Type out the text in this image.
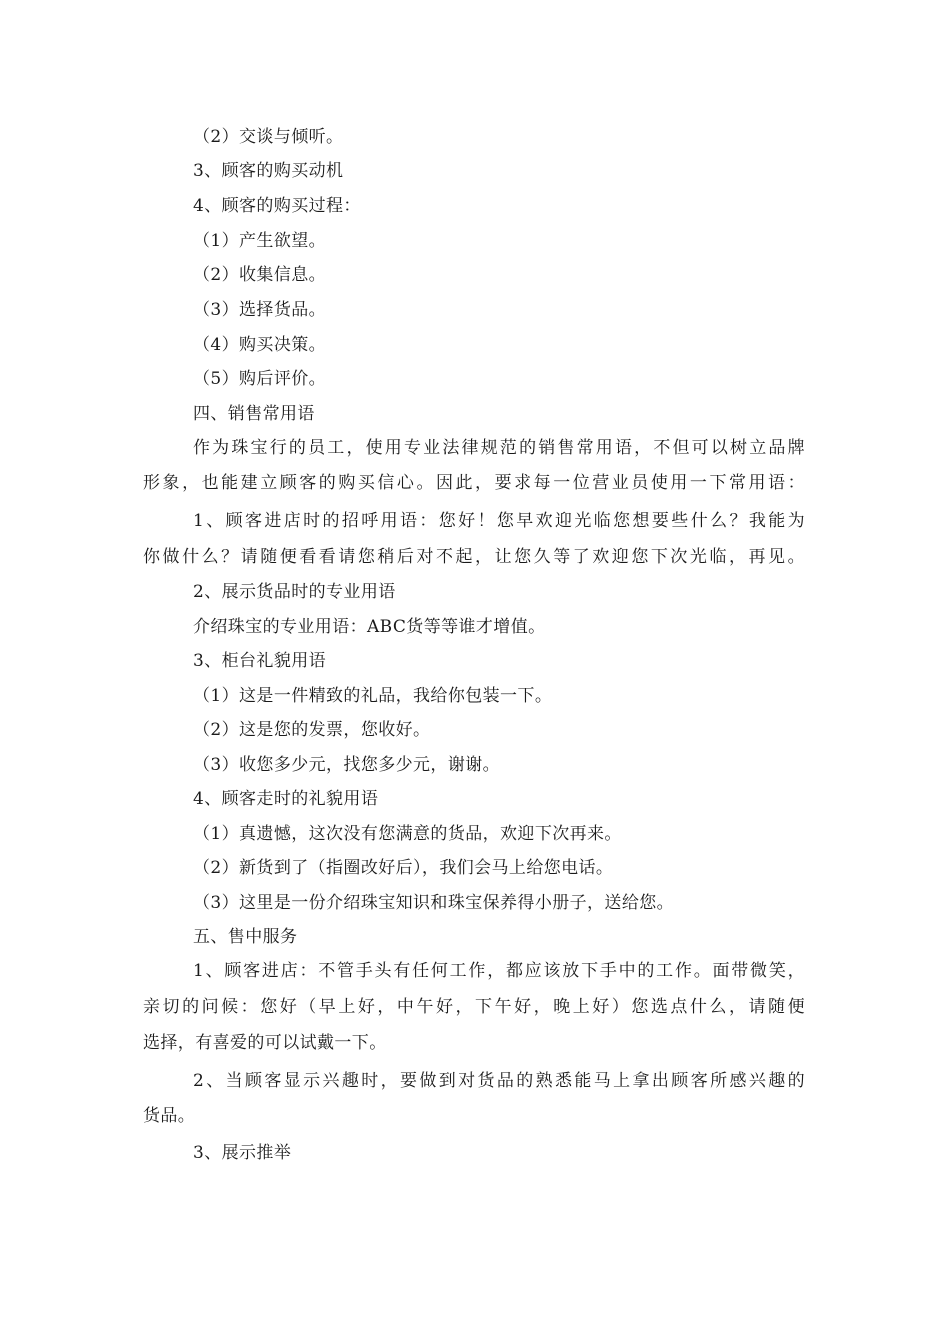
（2）交谈与倾听。
3、顾客的购买动机
4、顾客的购买过程：
（1）产生欲望。
（2）收集信息。
（3）选择货品。
（4）购买决策。
（5）购后评价。
四、销售常用语
作为珠宝行的员工，使用专业法律规范的销售常用语，不但可以树立品牌
形象，也能建立顾客的购买信心。因此，要求每一位营业员使用一下常用语：
1、顾客进店时的招呼用语：您好！您早欢迎光临您想要些什么？我能为
你做什么？请随便看看请您稍后对不起，让您久等了欢迎您下次光临，再见。
2、展示货品时的专业用语
介绍珠宝的专业用语：ABC货等等谁才增值。
3、柜台礼貌用语
（1）这是一件精致的礼品，我给你包装一下。
（2）这是您的发票，您收好。
（3）收您多少元，找您多少元，谢谢。
4、顾客走时的礼貌用语
（1）真遗憾，这次没有您满意的货品，欢迎下次再来。
（2）新货到了（指圈改好后），我们会马上给您电话。
（3）这里是一份介绍珠宝知识和珠宝保养得小册子，送给您。
五、售中服务
1、顾客进店：不管手头有任何工作，都应该放下手中的工作。面带微笑，
亲切的问候：您好（早上好，中午好，下午好，晚上好）您选点什么，请随便
选择，有喜爱的可以试戴一下。
2、当顾客显示兴趣时，要做到对货品的熟悉能马上拿出顾客所感兴趣的
货品。
3、展示推举
